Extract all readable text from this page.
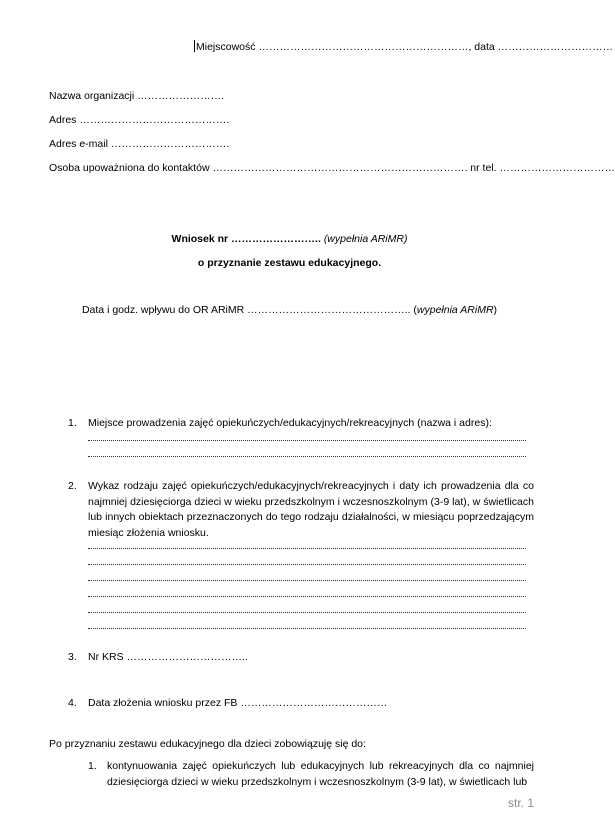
Miejscowość ……………………………………………………, data ……………………………
Nazwa organizacji …………………….
Adres …………………………………….
Adres e-mail …………………………….
Osoba upoważniona do kontaktów ………………………………………………………………. nr tel. ……………………………
Wniosek nr …………………….. (wypełnia ARiMR)
o przyznanie zestawu edukacyjnego.
Data i godz. wpływu do OR ARiMR ……………………………………….. (wypełnia ARiMR)
1. Miejsce prowadzenia zajęć opiekuńczych/edukacyjnych/rekreacyjnych (nazwa i adres):
2. Wykaz rodzaju zajęć opiekuńczych/edukacyjnych/rekreacyjnych i daty ich prowadzenia dla co najmniej dziesięciorga dzieci w wieku przedszkolnym i wczesnoszkolnym (3-9 lat), w świetlicach lub innych obiektach przeznaczonych do tego rodzaju działalności, w miesiącu poprzedzającym miesiąc złożenia wniosku.
3. Nr KRS ……………………………..
4. Data złożenia wniosku przez FB ……………………………………
Po przyznaniu zestawu edukacyjnego dla dzieci zobowiązuję się do:
1. kontynuowania zajęć opiekuńczych lub edukacyjnych lub rekreacyjnych dla co najmniej dziesięciorga dzieci w wieku przedszkolnym i wczesnoszkolnym (3-9 lat), w świetlicach lub
str. 1
